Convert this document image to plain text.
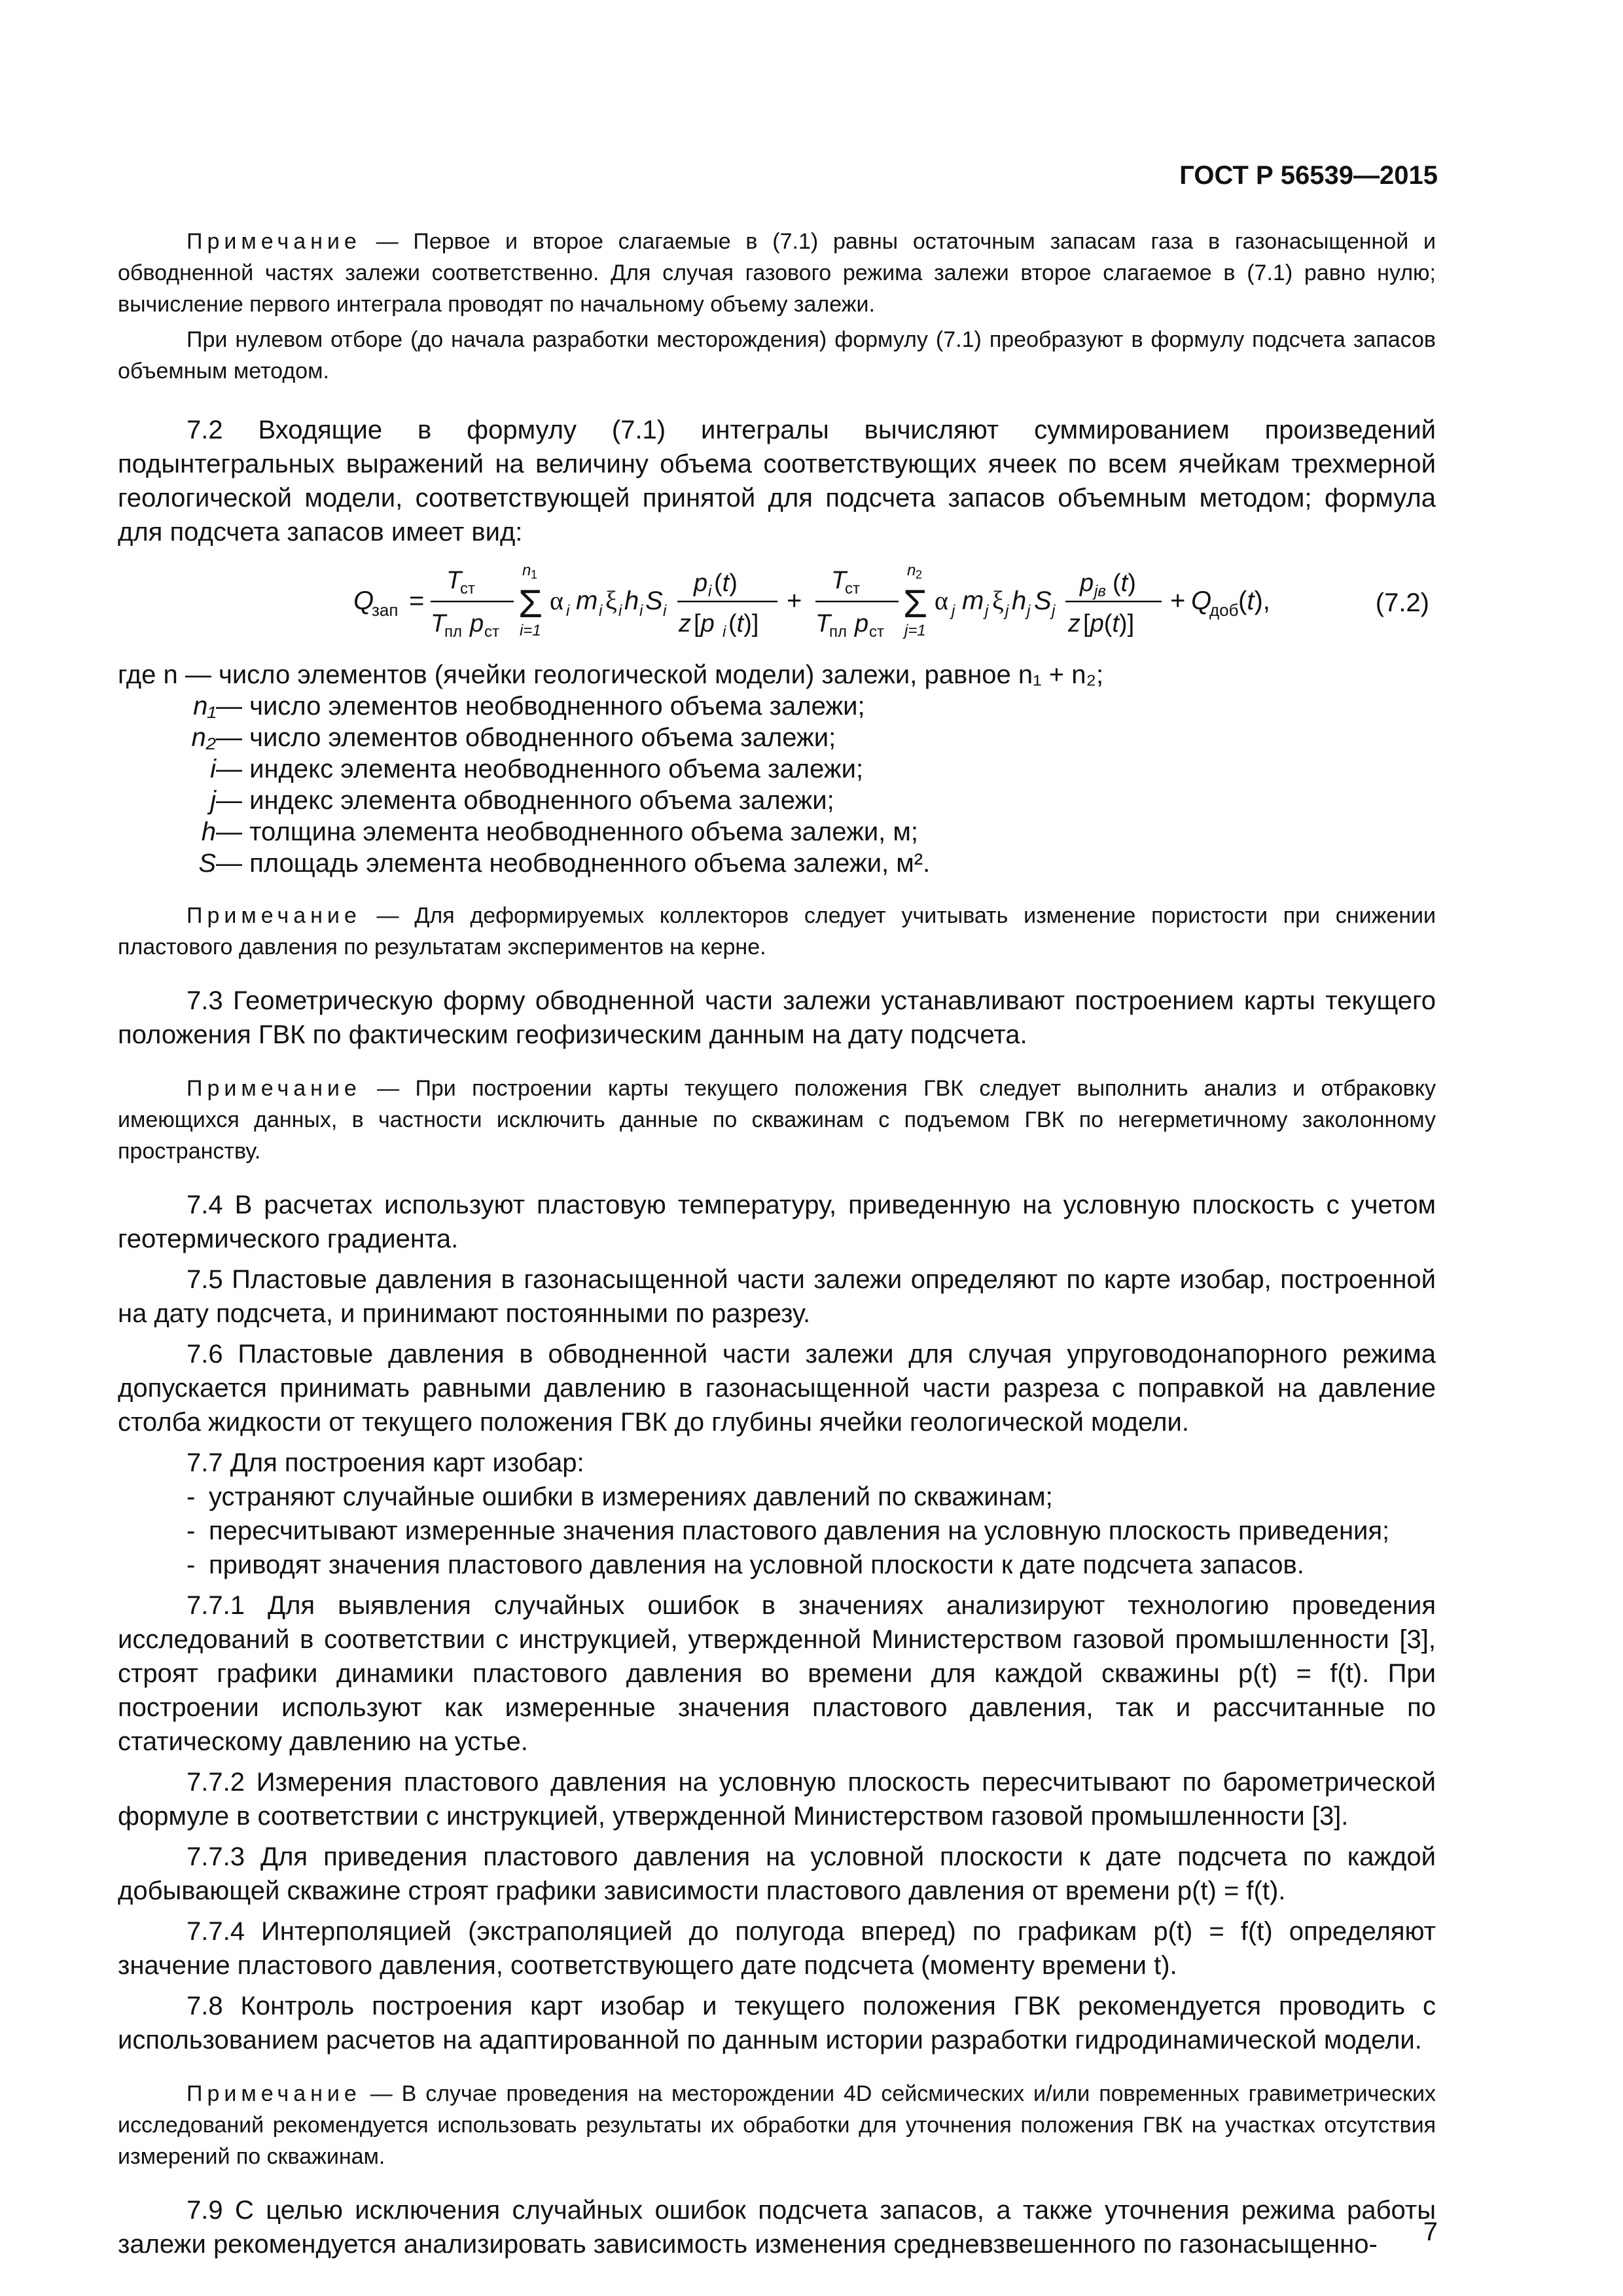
ГОСТ Р 56539—2015

Примечание — Первое и второе слагаемые в (7.1) равны остаточным запасам газа в газонасыщенной и обводненной частях залежи соответственно. Для случая газового режима залежи второе слагаемое в (7.1) равно нулю; вычисление первого интеграла проводят по начальному объему залежи.

При нулевом отборе (до начала разработки месторождения) формулу (7.1) преобразуют в формулу подсчета запасов объемным методом.

7.2 Входящие в формулу (7.1) интегралы вычисляют суммированием произведений подынтегральных выражений на величину объема соответствующих ячеек по всем ячейкам трехмерной геологической модели, соответствующей принятой для подсчета запасов объемным методом; формула для подсчета запасов имеет вид:

Q
зап =
T
ст
T
пл p ст
n 1
Σ
i=1
α i m i ξ i h i S i
p i (t)
z [p i (t)]
+
T
ст
T
пл p ст
n 2
Σ
j=1
α j m j ξ j h j S j
p jв (t)
z [p(t)]
+ Q
доб (t),	(7.2)

где n — число элементов (ячейки геологической модели) залежи, равное n₁ + n₂;

n₁ — число элементов необводненного объема залежи;
n₂ — число элементов обводненного объема залежи;
i — индекс элемента необводненного объема залежи;
j — индекс элемента обводненного объема залежи;
h — толщина элемента необводненного объема залежи, м;
S — площадь элемента необводненного объема залежи, м².

Примечание — Для деформируемых коллекторов следует учитывать изменение пористости при снижении пластового давления по результатам экспериментов на керне.

7.3 Геометрическую форму обводненной части залежи устанавливают построением карты текущего положения ГВК по фактическим геофизическим данным на дату подсчета.

Примечание — При построении карты текущего положения ГВК следует выполнить анализ и отбраковку имеющихся данных, в частности исключить данные по скважинам с подъемом ГВК по негерметичному заколонному пространству.

7.4 В расчетах используют пластовую температуру, приведенную на условную плоскость с учетом геотермического градиента.

7.5 Пластовые давления в газонасыщенной части залежи определяют по карте изобар, построенной на дату подсчета, и принимают постоянными по разрезу.

7.6 Пластовые давления в обводненной части залежи для случая упруговодонапорного режима допускается принимать равными давлению в газонасыщенной части разреза с поправкой на давление столба жидкости от текущего положения ГВК до глубины ячейки геологической модели.

7.7 Для построения карт изобар:

- устраняют случайные ошибки в измерениях давлений по скважинам;
- пересчитывают измеренные значения пластового давления на условную плоскость приведения;
- приводят значения пластового давления на условной плоскости к дате подсчета запасов.

7.7.1 Для выявления случайных ошибок в значениях анализируют технологию проведения исследований в соответствии с инструкцией, утвержденной Министерством газовой промышленности [3], строят графики динамики пластового давления во времени для каждой скважины p(t) = f(t). При построении используют как измеренные значения пластового давления, так и рассчитанные по статическому давлению на устье.

7.7.2 Измерения пластового давления на условную плоскость пересчитывают по барометрической формуле в соответствии с инструкцией, утвержденной Министерством газовой промышленности [3].

7.7.3 Для приведения пластового давления на условной плоскости к дате подсчета по каждой добывающей скважине строят графики зависимости пластового давления от времени p(t) = f(t).

7.7.4 Интерполяцией (экстраполяцией до полугода вперед) по графикам p(t) = f(t) определяют значение пластового давления, соответствующего дате подсчета (моменту времени t).

7.8 Контроль построения карт изобар и текущего положения ГВК рекомендуется проводить с использованием расчетов на адаптированной по данным истории разработки гидродинамической модели.

Примечание — В случае проведения на месторождении 4D сейсмических и/или повременных гравиметрических исследований рекомендуется использовать результаты их обработки для уточнения положения ГВК на участках отсутствия измерений по скважинам.

7.9 С целью исключения случайных ошибок подсчета запасов, а также уточнения режима работы залежи рекомендуется анализировать зависимость изменения средневзвешенного по газонасыщенно-	7
